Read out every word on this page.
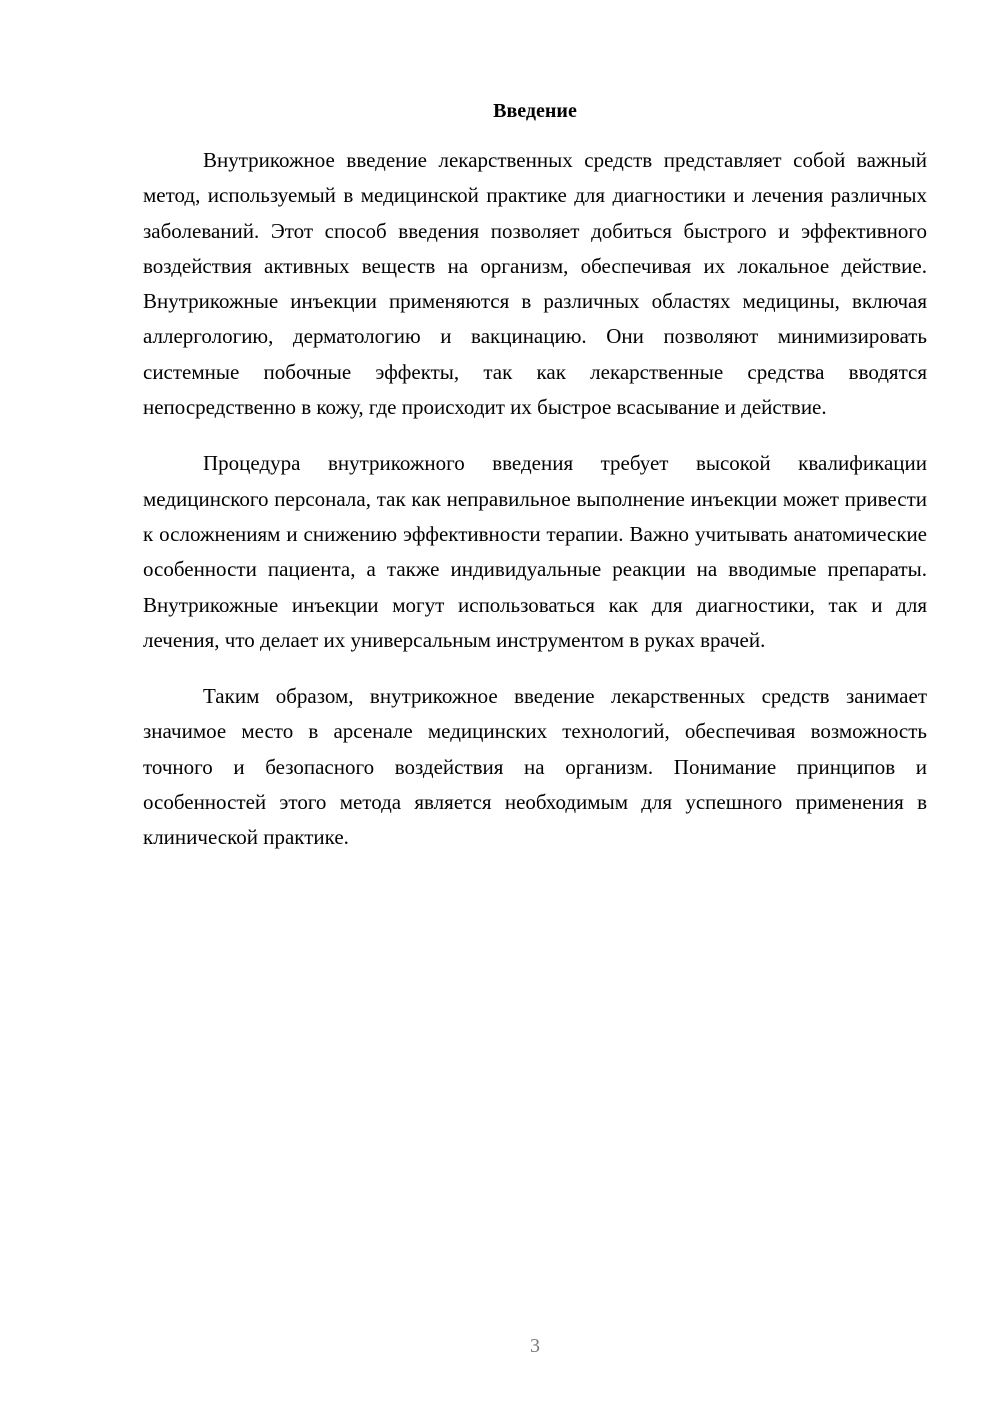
Введение

Внутрикожное введение лекарственных средств представляет собой важный метод, используемый в медицинской практике для диагностики и лечения различных заболеваний. Этот способ введения позволяет добиться быстрого и эффективного воздействия активных веществ на организм, обеспечивая их локальное действие. Внутрикожные инъекции применяются в различных областях медицины, включая аллергологию, дерматологию и вакцинацию. Они позволяют минимизировать системные побочные эффекты, так как лекарственные средства вводятся непосредственно в кожу, где происходит их быстрое всасывание и действие.

Процедура внутрикожного введения требует высокой квалификации медицинского персонала, так как неправильное выполнение инъекции может привести к осложнениям и снижению эффективности терапии. Важно учитывать анатомические особенности пациента, а также индивидуальные реакции на вводимые препараты. Внутрикожные инъекции могут использоваться как для диагностики, так и для лечения, что делает их универсальным инструментом в руках врачей.

Таким образом, внутрикожное введение лекарственных средств занимает значимое место в арсенале медицинских технологий, обеспечивая возможность точного и безопасного воздействия на организм. Понимание принципов и особенностей этого метода является необходимым для успешного применения в клинической практике.

3
